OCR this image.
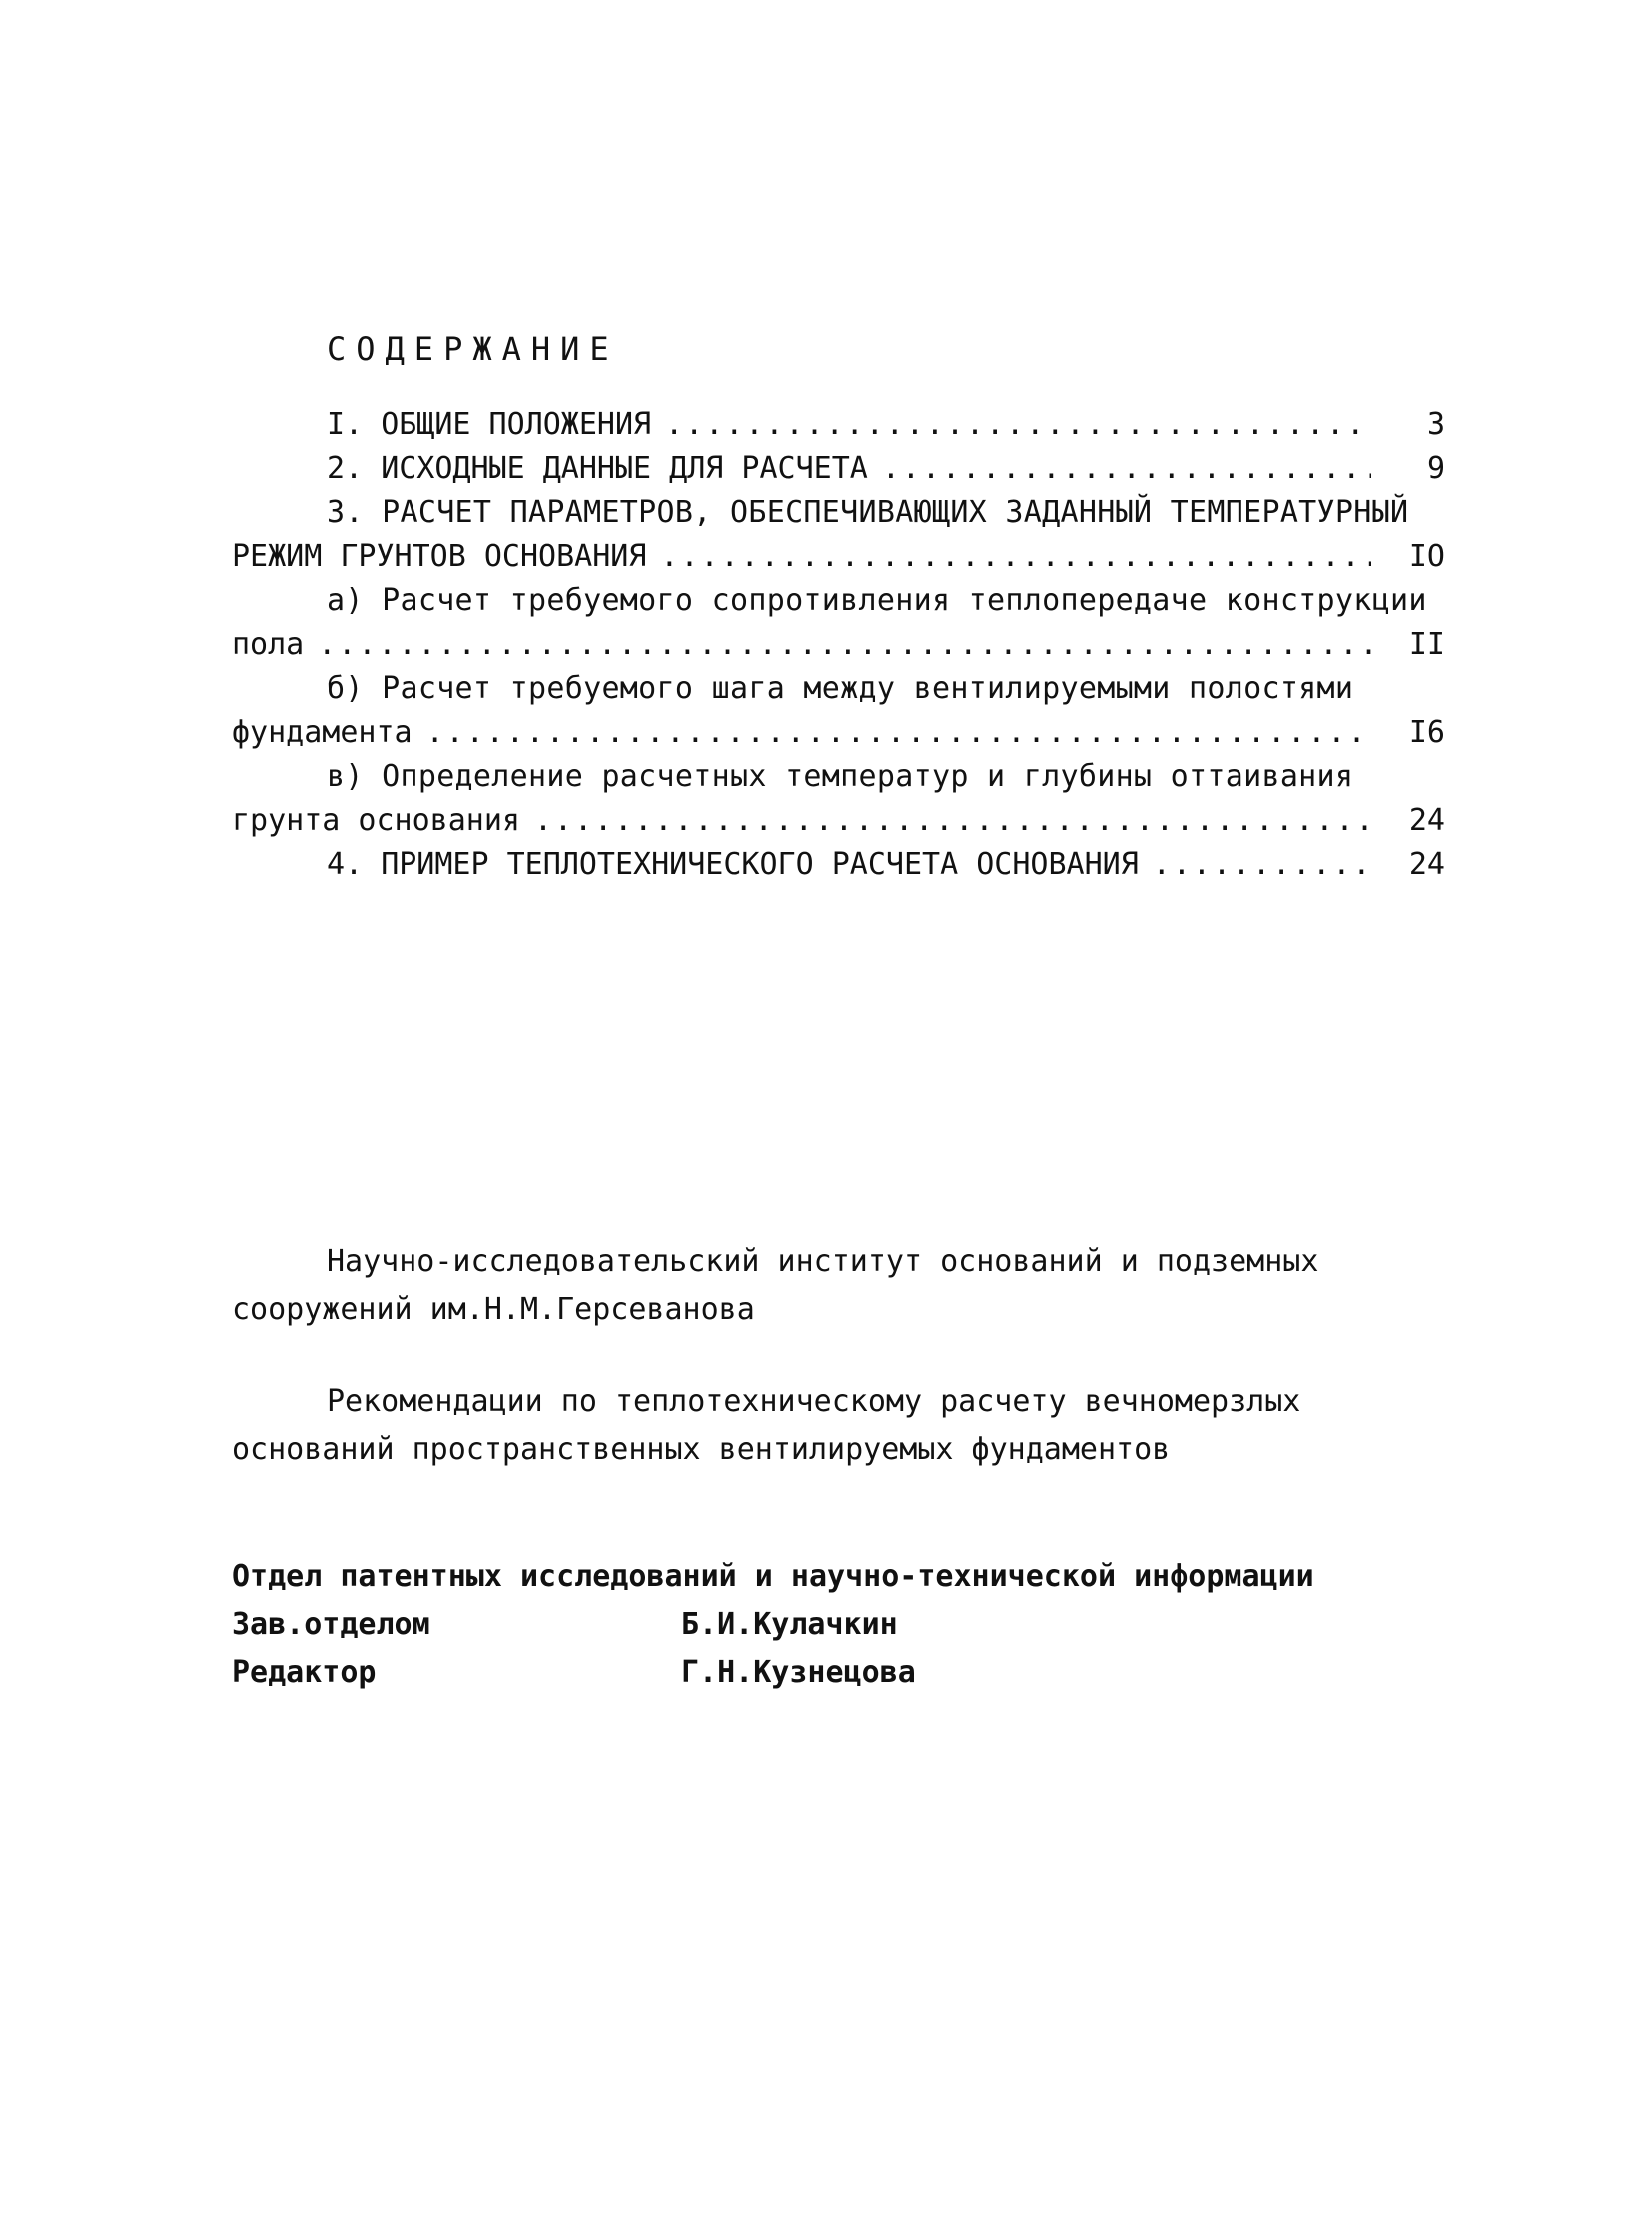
СОДЕРЖАНИЕ
I. ОБЩИЕ ПОЛОЖЕНИЯ .....	3
2. ИСХОДНЫЕ ДАННЫЕ ДЛЯ РАСЧЕТА .....	9
3. РАСЧЕТ ПАРАМЕТРОВ, ОБЕСПЕЧИВАЮЩИХ ЗАДАННЫЙ ТЕМПЕРАТУРНЫЙ
РЕЖИМ ГРУНТОВ ОСНОВАНИЯ .....	IO
а) Расчет требуемого сопротивления теплопередаче конструкции
пола .....	II
б) Расчет требуемого шага между вентилируемыми полостями
фундамента .....	I6
в) Определение расчетных температур и глубины оттаивания
грунта основания .....	24
4. ПРИМЕР ТЕПЛОТЕХНИЧЕСКОГО РАСЧЕТА ОСНОВАНИЯ .....	24
Научно-исследовательский институт оснований и подземных
сооружений им.Н.М.Герсеванова
Рекомендации по теплотехническому расчету вечномерзлых
оснований пространственных вентилируемых фундаментов
Отдел патентных исследований и научно-технической информации
Зав.отделом	Б.И.Кулачкин
Редактор	Г.Н.Кузнецова
